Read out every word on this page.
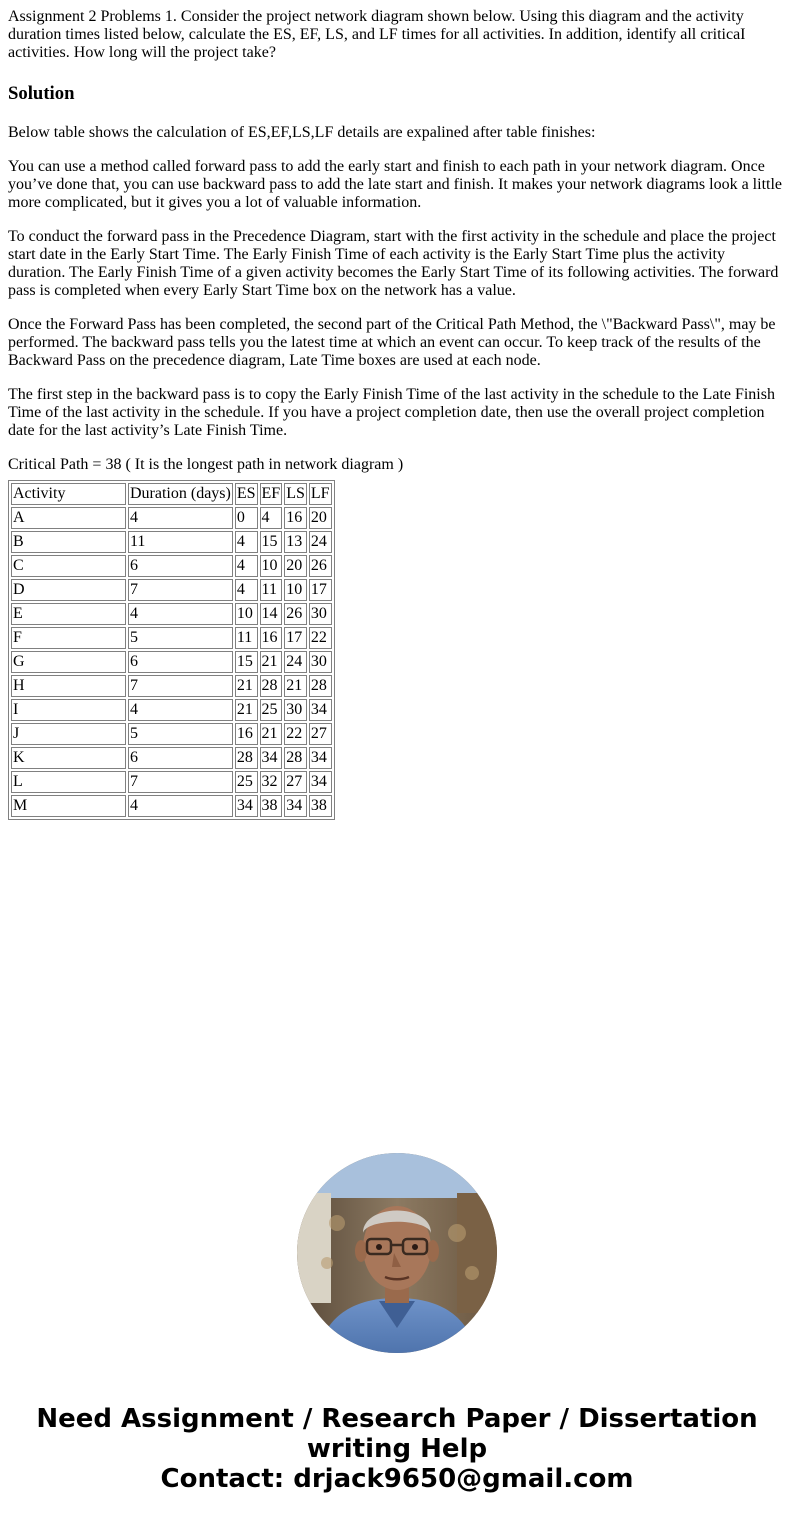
Assignment 2 Problems 1. Consider the project network diagram shown below. Using this diagram and the activity duration times listed below, calculate the ES, EF, LS, and LF times for all activities. In addition, identify all criticaI activities. How long will the project take?
Solution
Below table shows the calculation of ES,EF,LS,LF details are expalined after table finishes:
You can use a method called forward pass to add the early start and finish to each path in your network diagram. Once you’ve done that, you can use backward pass to add the late start and finish. It makes your network diagrams look a little more complicated, but it gives you a lot of valuable information.
To conduct the forward pass in the Precedence Diagram, start with the first activity in the schedule and place the project start date in the Early Start Time. The Early Finish Time of each activity is the Early Start Time plus the activity duration. The Early Finish Time of a given activity becomes the Early Start Time of its following activities. The forward pass is completed when every Early Start Time box on the network has a value.
Once the Forward Pass has been completed, the second part of the Critical Path Method, the \"Backward Pass\", may be performed. The backward pass tells you the latest time at which an event can occur. To keep track of the results of the Backward Pass on the precedence diagram, Late Time boxes are used at each node.
The first step in the backward pass is to copy the Early Finish Time of the last activity in the schedule to the Late Finish Time of the last activity in the schedule. If you have a project completion date, then use the overall project completion date for the last activity’s Late Finish Time.
Critical Path = 38 ( It is the longest path in network diagram )
Activity	Duration (days)	ES	EF	LS	LF
A	4	0	4	16	20
B	11	4	15	13	24
C	6	4	10	20	26
D	7	4	11	10	17
E	4	10	14	26	30
F	5	11	16	17	22
G	6	15	21	24	30
H	7	21	28	21	28
I	4	21	25	30	34
J	5	16	21	22	27
K	6	28	34	28	34
L	7	25	32	27	34
M	4	34	38	34	38
Need Assignment / Research Paper / Dissertation
writing Help
Contact: drjack9650@gmail.com
